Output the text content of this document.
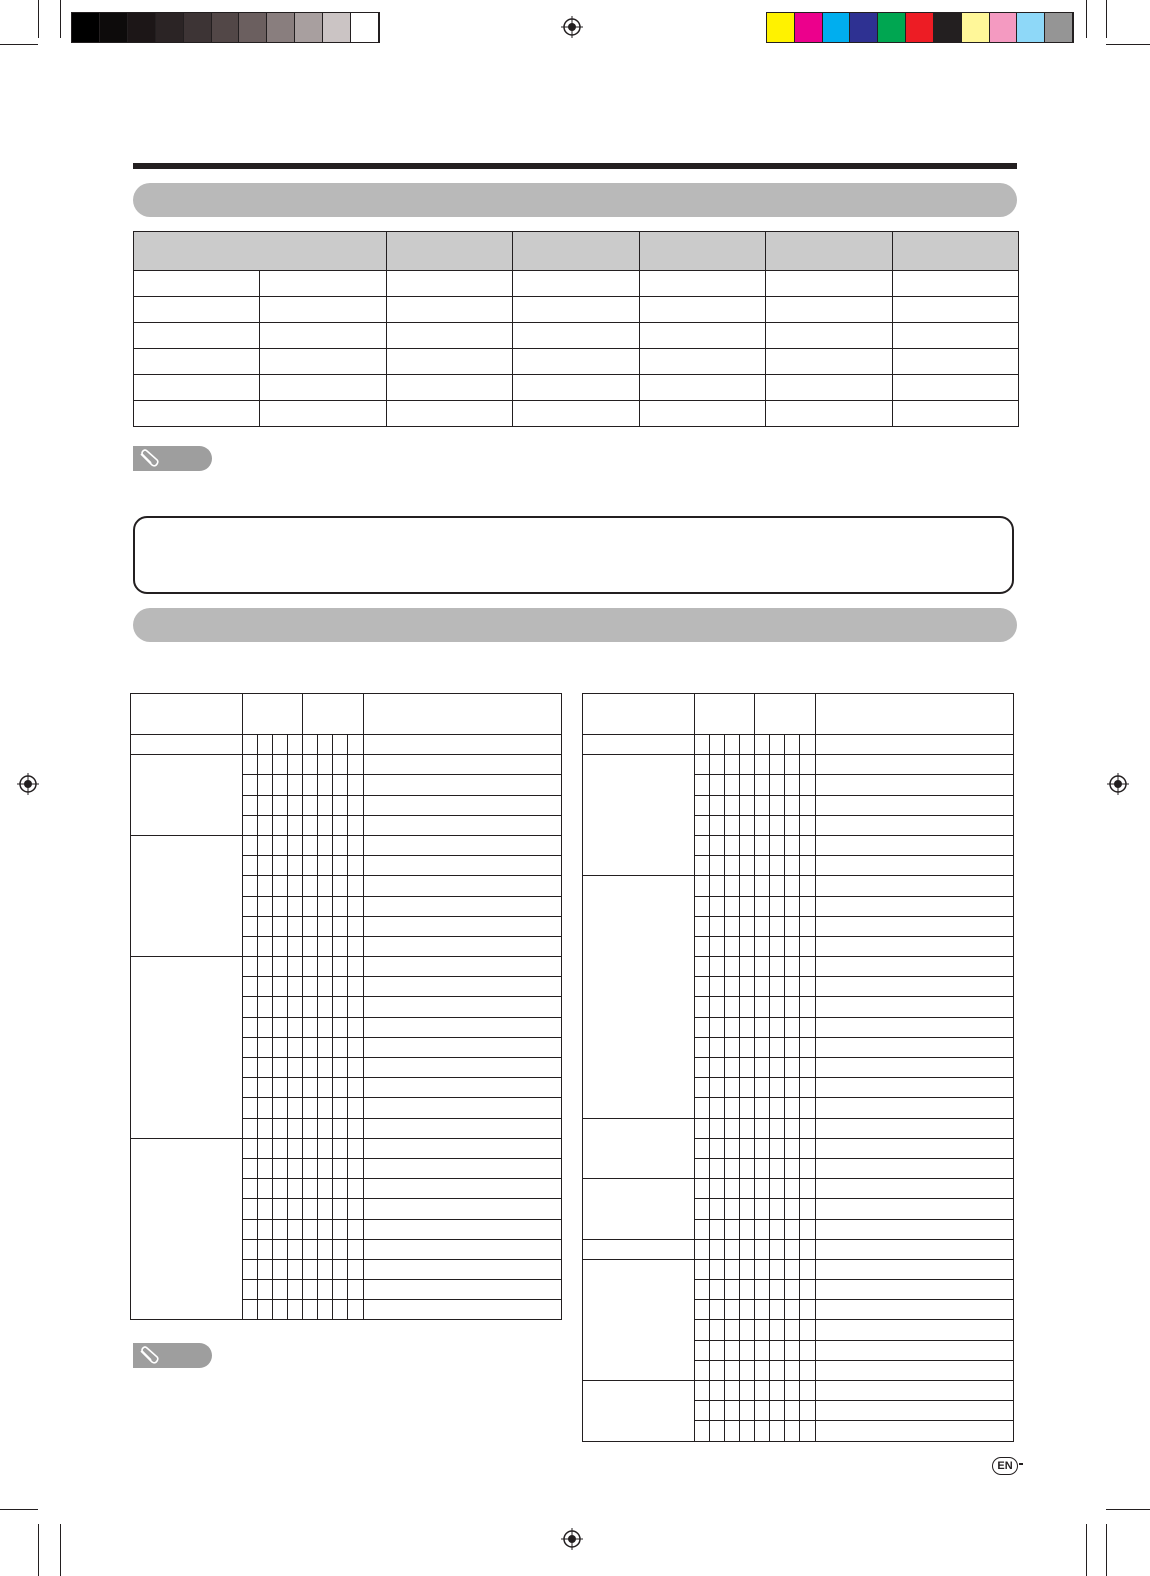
EN
